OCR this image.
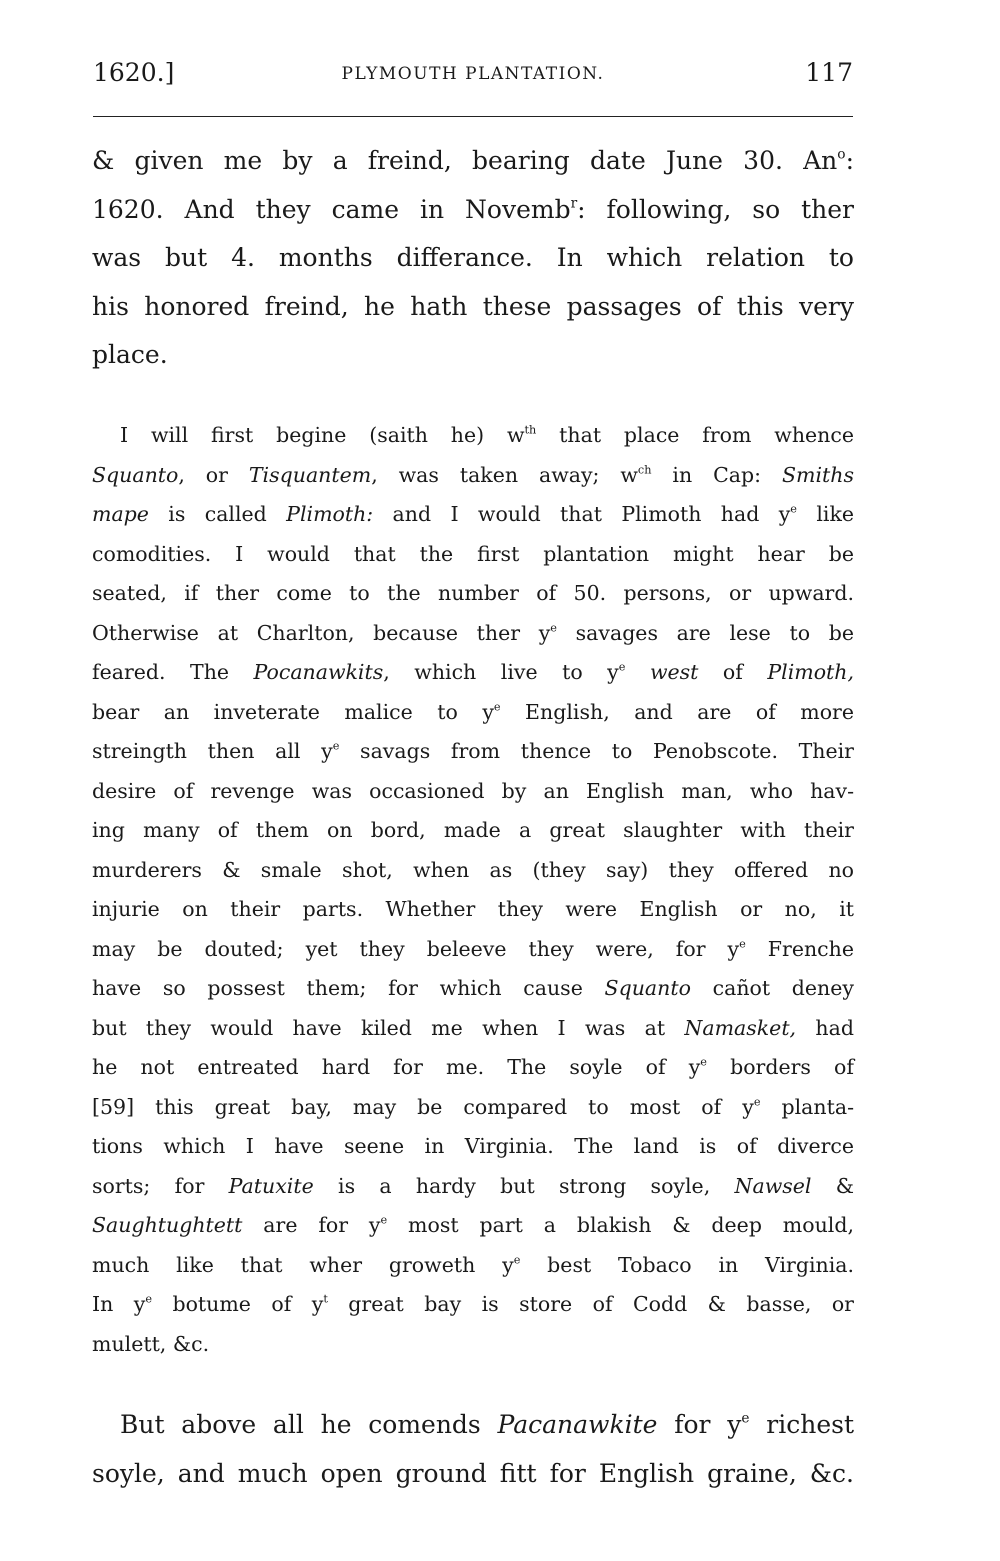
1620.]	PLYMOUTH PLANTATION.	117
& given me by a freind, bearing date June 30. An$^o$:
1620. And they came in Novemb$^r$: following, so ther
was but 4. months differance. In which relation to
his honored freind, he hath these passages of this very
place.
I will first begine (saith he) $w^{th}$ that place from whence
Squanto, or Tisquantem, was taken away; $w^{ch}$ in Cap: Smiths
mape is called Plimoth: and I would that Plimoth had $y^e$ like
comodities. I would that the first plantation might hear be
seated, if ther come to the number of 50. persons, or upward.
Otherwise at Charlton, because ther $y^e$ savages are lese to be
feared. The Pocanawkits, which live to $y^e$ west of Plimoth,
bear an inveterate malice to $y^e$ English, and are of more
streingth then all $y^e$ savags from thence to Penobscote. Their
desire of revenge was occasioned by an English man, who hav-
ing many of them on bord, made a great slaughter with their
murderers & smale shot, when as (they say) they offered no
injurie on their parts. Whether they were English or no, it
may be douted; yet they beleeve they were, for $y^e$ Frenche
have so possest them; for which cause Squanto cañot deney
but they would have kiled me when I was at Namasket, had
he not entreated hard for me. The soyle of $y^e$ borders of
[59] this great bay, may be compared to most of $y^e$ planta-
tions which I have seene in Virginia. The land is of diverce
sorts; for Patuxite is a hardy but strong soyle, Nawsel &
Saughtughtett are for $y^e$ most part a blakish & deep mould,
much like that wher groweth $y^e$ best Tobaco in Virginia.
In $y^e$ botume of $y^t$ great bay is store of Codd & basse, or
mulett, &c.
But above all he comends Pacanawkite for $y^e$ richest
soyle, and much open ground fitt for English graine, &c.
